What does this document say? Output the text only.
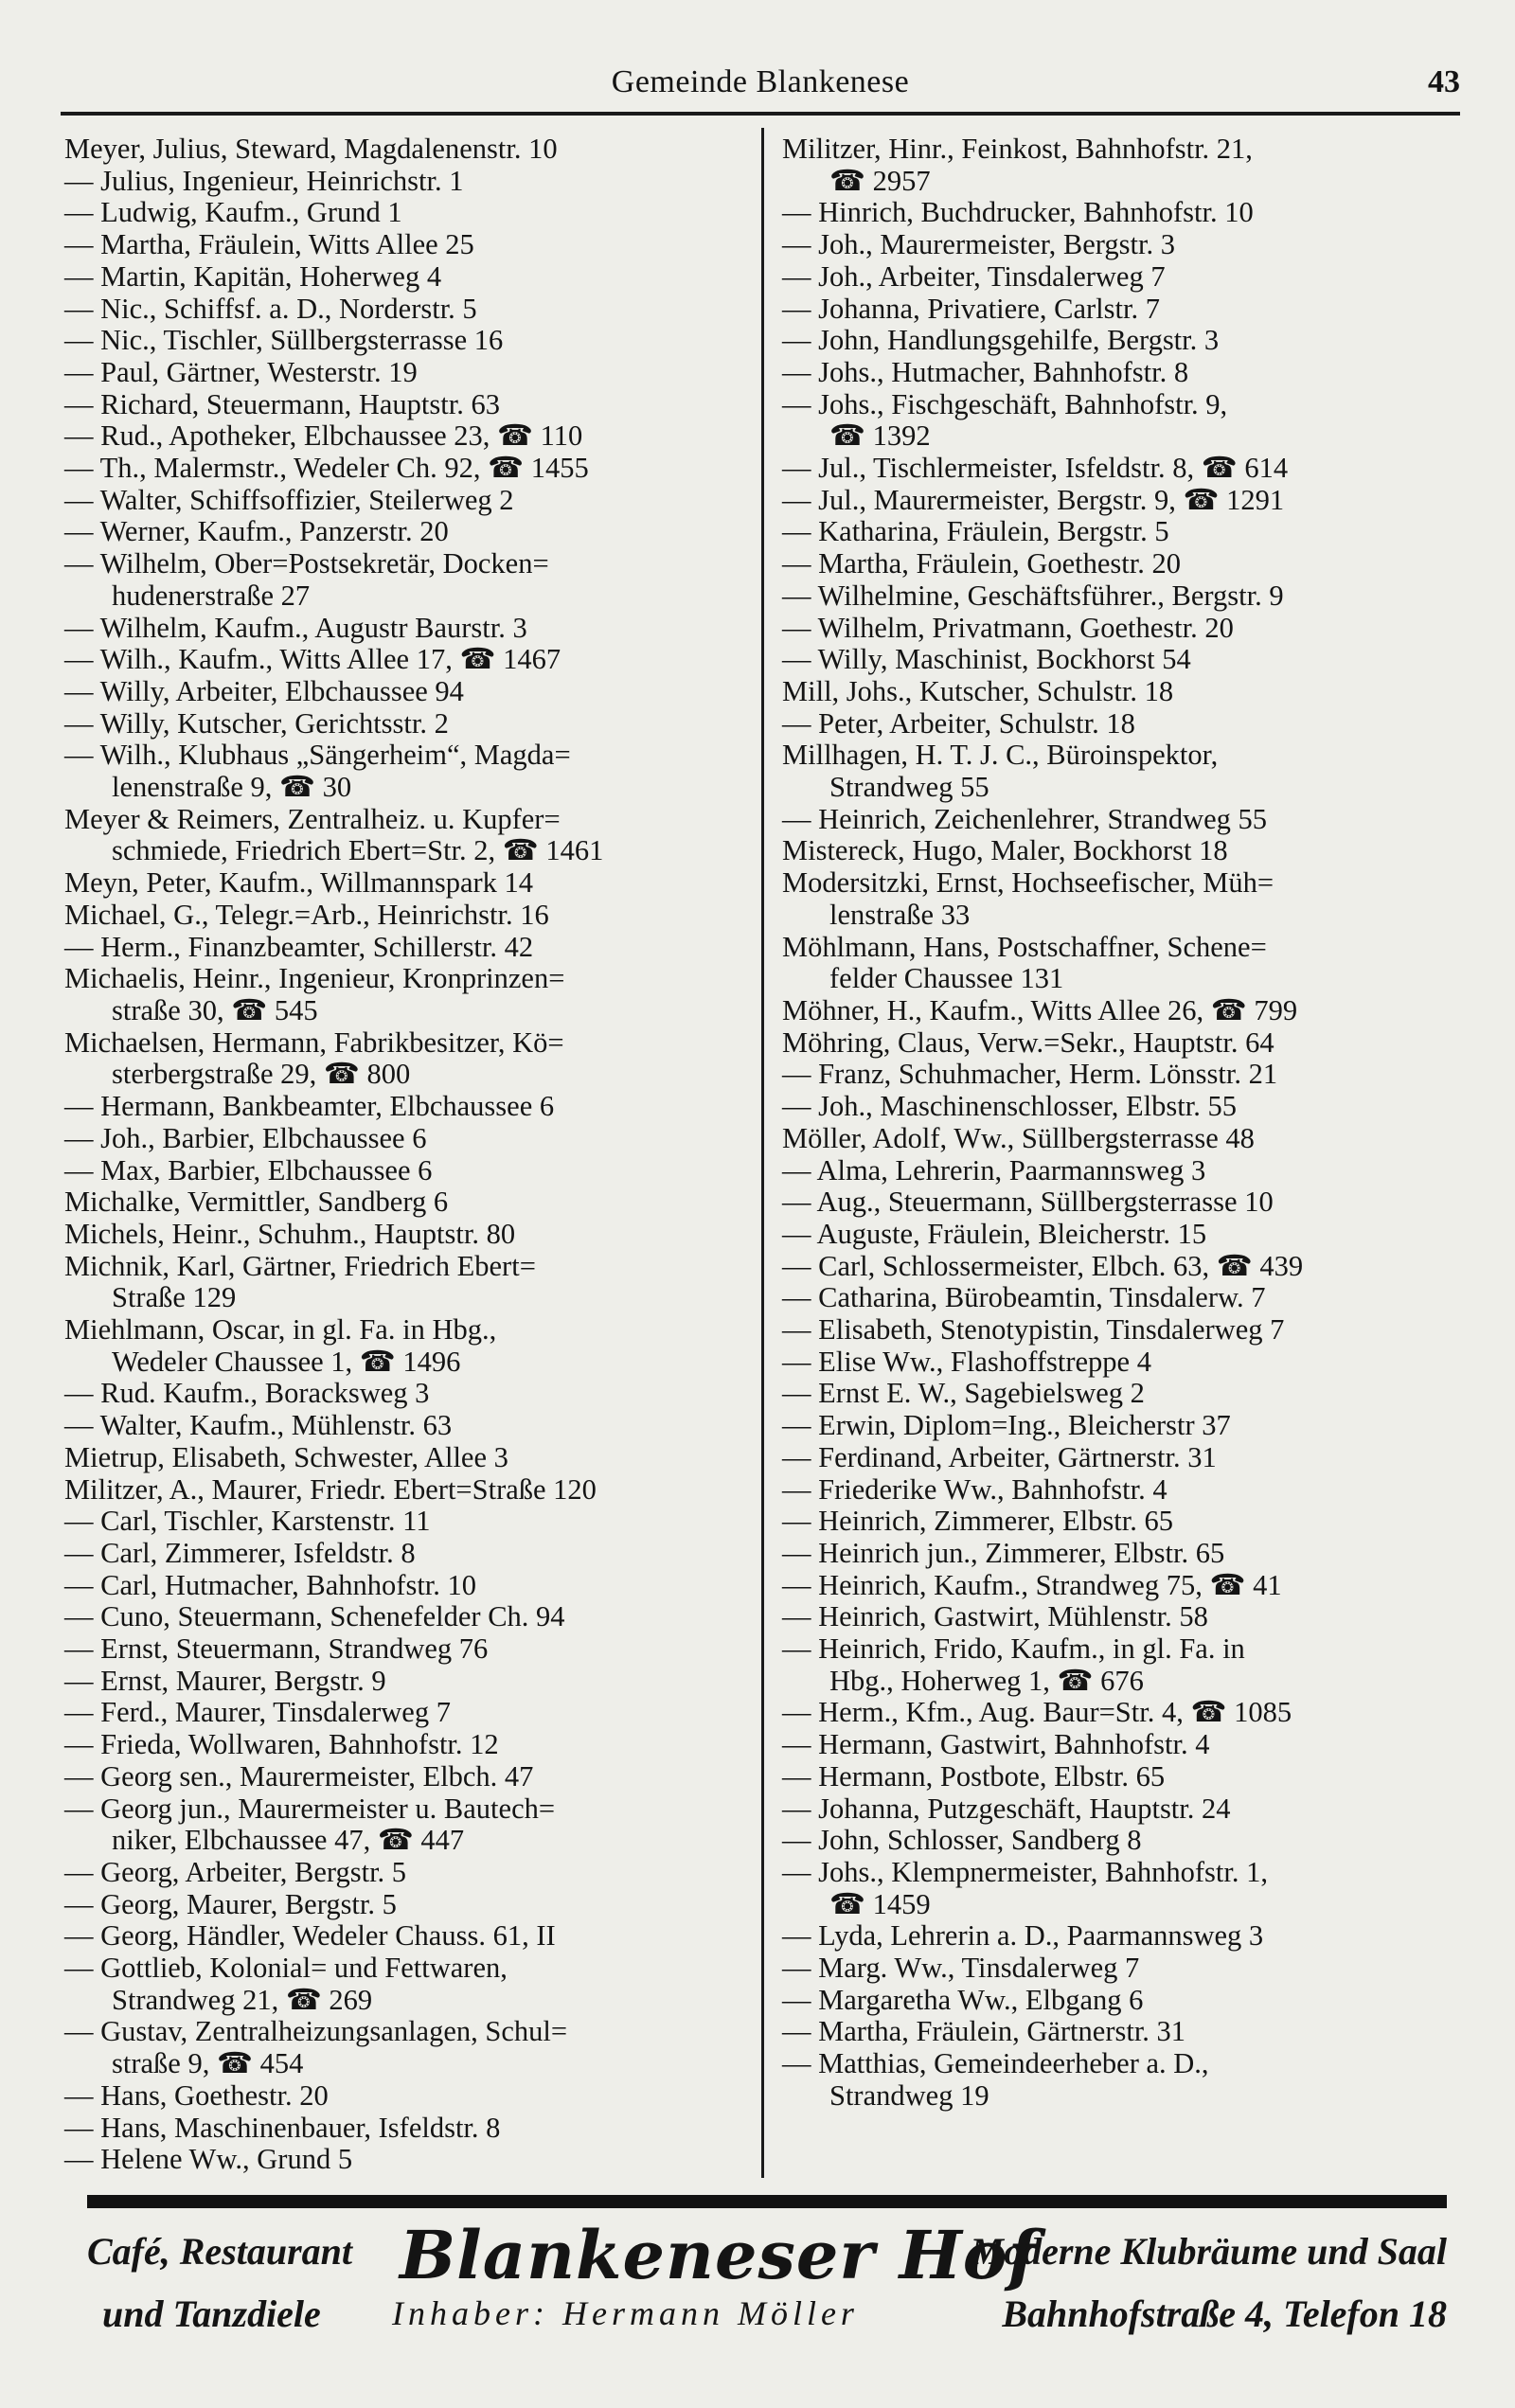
Gemeinde Blankenese	43
Meyer, Julius, Steward, Magdalenenstr. 10
— Julius, Ingenieur, Heinrichstr. 1
— Ludwig, Kaufm., Grund 1
— Martha, Fräulein, Witts Allee 25
— Martin, Kapitän, Hoherweg 4
— Nic., Schiffsf. a. D., Norderstr. 5
— Nic., Tischler, Süllbergsterrasse 16
— Paul, Gärtner, Westerstr. 19
— Richard, Steuermann, Hauptstr. 63
— Rud., Apotheker, Elbchaussee 23, ☎ 110
— Th., Malermstr., Wedeler Ch. 92, ☎ 1455
— Walter, Schiffsoffizier, Steilerweg 2
— Werner, Kaufm., Panzerstr. 20
— Wilhelm, Ober=Postsekretär, Docken=
hudenerstraße 27
— Wilhelm, Kaufm., Augustr Baurstr. 3
— Wilh., Kaufm., Witts Allee 17, ☎ 1467
— Willy, Arbeiter, Elbchaussee 94
— Willy, Kutscher, Gerichtsstr. 2
— Wilh., Klubhaus „Sängerheim“, Magda=
lenenstraße 9, ☎ 30
Meyer & Reimers, Zentralheiz. u. Kupfer=
schmiede, Friedrich Ebert=Str. 2, ☎ 1461
Meyn, Peter, Kaufm., Willmannspark 14
Michael, G., Telegr.=Arb., Heinrichstr. 16
— Herm., Finanzbeamter, Schillerstr. 42
Michaelis, Heinr., Ingenieur, Kronprinzen=
straße 30, ☎ 545
Michaelsen, Hermann, Fabrikbesitzer, Kö=
sterbergstraße 29, ☎ 800
— Hermann, Bankbeamter, Elbchaussee 6
— Joh., Barbier, Elbchaussee 6
— Max, Barbier, Elbchaussee 6
Michalke, Vermittler, Sandberg 6
Michels, Heinr., Schuhm., Hauptstr. 80
Michnik, Karl, Gärtner, Friedrich Ebert=
Straße 129
Miehlmann, Oscar, in gl. Fa. in Hbg.,
Wedeler Chaussee 1, ☎ 1496
— Rud. Kaufm., Boracksweg 3
— Walter, Kaufm., Mühlenstr. 63
Mietrup, Elisabeth, Schwester, Allee 3
Militzer, A., Maurer, Friedr. Ebert=Straße 120
— Carl, Tischler, Karstenstr. 11
— Carl, Zimmerer, Isfeldstr. 8
— Carl, Hutmacher, Bahnhofstr. 10
— Cuno, Steuermann, Schenefelder Ch. 94
— Ernst, Steuermann, Strandweg 76
— Ernst, Maurer, Bergstr. 9
— Ferd., Maurer, Tinsdalerweg 7
— Frieda, Wollwaren, Bahnhofstr. 12
— Georg sen., Maurermeister, Elbch. 47
— Georg jun., Maurermeister u. Bautech=
niker, Elbchaussee 47, ☎ 447
— Georg, Arbeiter, Bergstr. 5
— Georg, Maurer, Bergstr. 5
— Georg, Händler, Wedeler Chauss. 61, II
— Gottlieb, Kolonial= und Fettwaren,
Strandweg 21, ☎ 269
— Gustav, Zentralheizungsanlagen, Schul=
straße 9, ☎ 454
— Hans, Goethestr. 20
— Hans, Maschinenbauer, Isfeldstr. 8
— Helene Ww., Grund 5
Militzer, Hinr., Feinkost, Bahnhofstr. 21,
☎ 2957
— Hinrich, Buchdrucker, Bahnhofstr. 10
— Joh., Maurermeister, Bergstr. 3
— Joh., Arbeiter, Tinsdalerweg 7
— Johanna, Privatiere, Carlstr. 7
— John, Handlungsgehilfe, Bergstr. 3
— Johs., Hutmacher, Bahnhofstr. 8
— Johs., Fischgeschäft, Bahnhofstr. 9,
☎ 1392
— Jul., Tischlermeister, Isfeldstr. 8, ☎ 614
— Jul., Maurermeister, Bergstr. 9, ☎ 1291
— Katharina, Fräulein, Bergstr. 5
— Martha, Fräulein, Goethestr. 20
— Wilhelmine, Geschäftsführer., Bergstr. 9
— Wilhelm, Privatmann, Goethestr. 20
— Willy, Maschinist, Bockhorst 54
Mill, Johs., Kutscher, Schulstr. 18
— Peter, Arbeiter, Schulstr. 18
Millhagen, H. T. J. C., Büroinspektor,
Strandweg 55
— Heinrich, Zeichenlehrer, Strandweg 55
Mistereck, Hugo, Maler, Bockhorst 18
Modersitzki, Ernst, Hochseefischer, Müh=
lenstraße 33
Möhlmann, Hans, Postschaffner, Schene=
felder Chaussee 131
Möhner, H., Kaufm., Witts Allee 26, ☎ 799
Möhring, Claus, Verw.=Sekr., Hauptstr. 64
— Franz, Schuhmacher, Herm. Lönsstr. 21
— Joh., Maschinenschlosser, Elbstr. 55
Möller, Adolf, Ww., Süllbergsterrasse 48
— Alma, Lehrerin, Paarmannsweg 3
— Aug., Steuermann, Süllbergsterrasse 10
— Auguste, Fräulein, Bleicherstr. 15
— Carl, Schlossermeister, Elbch. 63, ☎ 439
— Catharina, Bürobeamtin, Tinsdalerw. 7
— Elisabeth, Stenotypistin, Tinsdalerweg 7
— Elise Ww., Flashoffstreppe 4
— Ernst E. W., Sagebielsweg 2
— Erwin, Diplom=Ing., Bleicherstr 37
— Ferdinand, Arbeiter, Gärtnerstr. 31
— Friederike Ww., Bahnhofstr. 4
— Heinrich, Zimmerer, Elbstr. 65
— Heinrich jun., Zimmerer, Elbstr. 65
— Heinrich, Kaufm., Strandweg 75, ☎ 41
— Heinrich, Gastwirt, Mühlenstr. 58
— Heinrich, Frido, Kaufm., in gl. Fa. in
Hbg., Hoherweg 1, ☎ 676
— Herm., Kfm., Aug. Baur=Str. 4, ☎ 1085
— Hermann, Gastwirt, Bahnhofstr. 4
— Hermann, Postbote, Elbstr. 65
— Johanna, Putzgeschäft, Hauptstr. 24
— John, Schlosser, Sandberg 8
— Johs., Klempnermeister, Bahnhofstr. 1,
☎ 1459
— Lyda, Lehrerin a. D., Paarmannsweg 3
— Marg. Ww., Tinsdalerweg 7
— Margaretha Ww., Elbgang 6
— Martha, Fräulein, Gärtnerstr. 31
— Matthias, Gemeindeerheber a. D.,
Strandweg 19
Café, Restaurant Blankeneser Hof
Moderne Klubräume und Saal
und Tanzdiele Inhaber: Hermann Möller	Bahnhofstraße 4, Telefon 18
